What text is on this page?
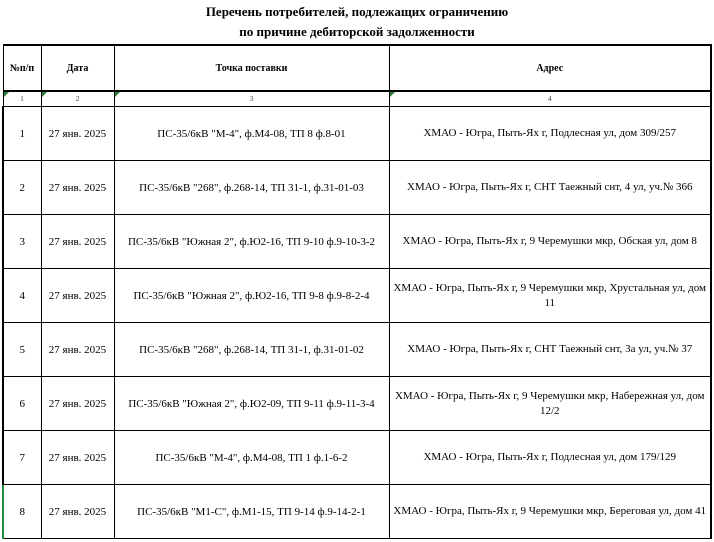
Перечень потребителей, подлежащих ограничению
по причине дебиторской задолженности
№п/п	Дата	Точка поставки	Адрес
1	2	3	4
1	27 янв. 2025	ПС-35/6кВ "М-4", ф.М4-08, ТП 8 ф.8-01	ХМАО - Югра, Пыть-Ях г, Подлесная ул, дом 309/257
2	27 янв. 2025	ПС-35/6кВ "268", ф.268-14, ТП 31-1, ф.31-01-03	ХМАО - Югра, Пыть-Ях г, СНТ Таежный снт, 4 ул, уч.№ 366
3	27 янв. 2025	ПС-35/6кВ "Южная 2", ф.Ю2-16, ТП 9-10 ф.9-10-3-2	ХМАО - Югра, Пыть-Ях г, 9 Черемушки мкр, Обская ул, дом 8
4	27 янв. 2025	ПС-35/6кВ "Южная 2", ф.Ю2-16, ТП 9-8 ф.9-8-2-4	ХМАО - Югра, Пыть-Ях г, 9 Черемушки мкр, Хрустальная ул, дом 11
5	27 янв. 2025	ПС-35/6кВ "268", ф.268-14, ТП 31-1, ф.31-01-02	ХМАО - Югра, Пыть-Ях г, СНТ Таежный снт, 3а ул, уч.№ 37
6	27 янв. 2025	ПС-35/6кВ "Южная 2", ф.Ю2-09, ТП 9-11 ф.9-11-3-4	ХМАО - Югра, Пыть-Ях г, 9 Черемушки мкр, Набережная ул, дом 12/2
7	27 янв. 2025	ПС-35/6кВ "М-4", ф.М4-08, ТП 1 ф.1-6-2	ХМАО - Югра, Пыть-Ях г, Подлесная ул, дом 179/129
8	27 янв. 2025	ПС-35/6кВ "М1-С", ф.М1-15, ТП 9-14 ф.9-14-2-1	ХМАО - Югра, Пыть-Ях г, 9 Черемушки мкр, Береговая ул, дом 41
